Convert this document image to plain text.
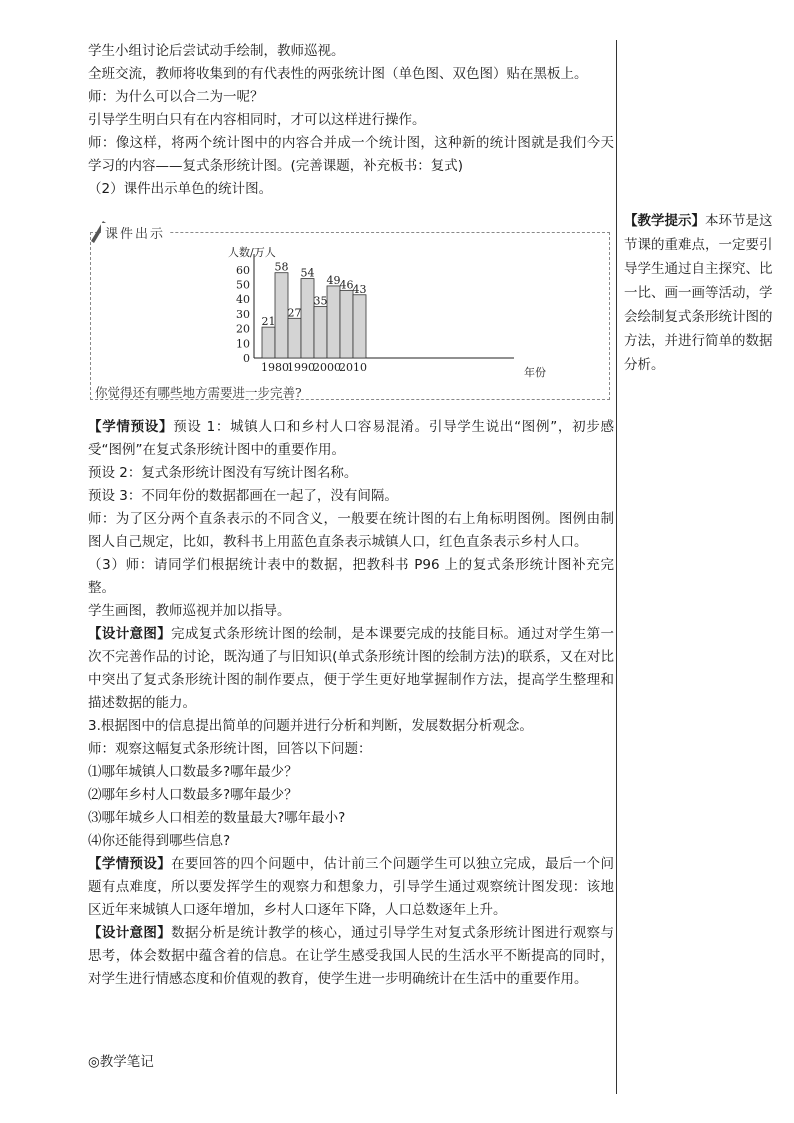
学生小组讨论后尝试动手绘制，教师巡视。

全班交流，教师将收集到的有代表性的两张统计图（单色图、双色图）贴在黑板上。

师：为什么可以合二为一呢？

引导学生明白只有在内容相同时，才可以这样进行操作。

师：像这样，将两个统计图中的内容合并成一个统计图，这种新的统计图就是我们今天学习的内容——复式条形统计图。(完善课题，补充板书：复式)

（2）课件出示单色的统计图。

课件出示
人数/万人
0
10
20
30
40
50
60
21
58
27
54
35
49 46 43
1980
1990
2000
2010	年份
你觉得还有哪些地方需要进一步完善?

【学情预设】预设 1：城镇人口和乡村人口容易混淆。引导学生说出“图例”，初步感受“图例”在复式条形统计图中的重要作用。

预设 2：复式条形统计图没有写统计图名称。

预设 3：不同年份的数据都画在一起了，没有间隔。

师：为了区分两个直条表示的不同含义，一般要在统计图的右上角标明图例。图例由制图人自己规定，比如，教科书上用蓝色直条表示城镇人口，红色直条表示乡村人口。

（3）师：请同学们根据统计表中的数据，把教科书 P96 上的复式条形统计图补充完整。

学生画图，教师巡视并加以指导。

【设计意图】完成复式条形统计图的绘制，是本课要完成的技能目标。通过对学生第一次不完善作品的讨论，既沟通了与旧知识(单式条形统计图的绘制方法)的联系，又在对比中突出了复式条形统计图的制作要点，便于学生更好地掌握制作方法，提高学生整理和描述数据的能力。

3.根据图中的信息提出简单的问题并进行分析和判断，发展数据分析观念。

师：观察这幅复式条形统计图，回答以下问题：

⑴哪年城镇人口数最多?哪年最少？

⑵哪年乡村人口数最多?哪年最少？

⑶哪年城乡人口相差的数量最大?哪年最小?

⑷你还能得到哪些信息?

【学情预设】在要回答的四个问题中，估计前三个问题学生可以独立完成，最后一个问题有点难度，所以要发挥学生的观察力和想象力，引导学生通过观察统计图发现：该地区近年来城镇人口逐年增加，乡村人口逐年下降，人口总数逐年上升。

【设计意图】数据分析是统计教学的核心，通过引导学生对复式条形统计图进行观察与思考，体会数据中蕴含着的信息。在让学生感受我国人民的生活水平不断提高的同时，对学生进行情感态度和价值观的教育，使学生进一步明确统计在生活中的重要作用。

◎教学笔记
【教学提示】本环节是这节课的重难点，一定要引导学生通过自主探究、比一比、画一画等活动，学会绘制复式条形统计图的方法，并进行简单的数据分析。
